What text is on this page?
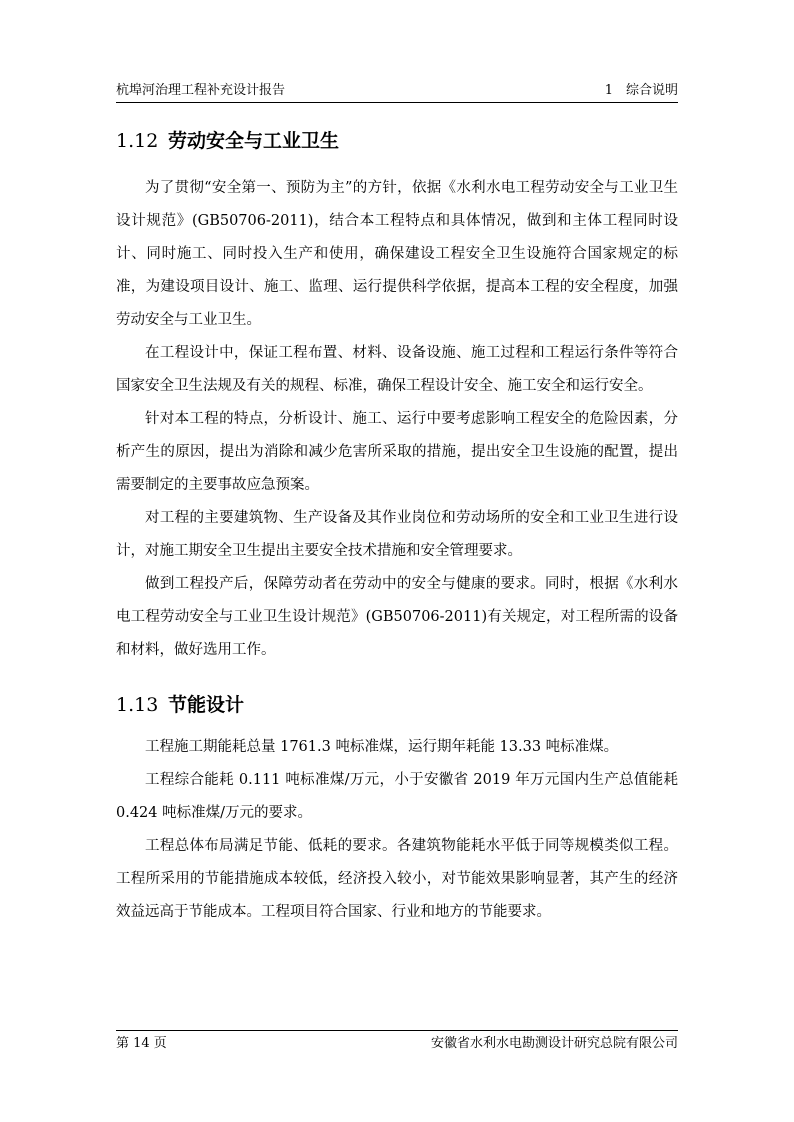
杭埠河治理工程补充设计报告	1　综合说明
1.12 劳动安全与工业卫生

为了贯彻“安全第一、预防为主”的方针，依据《水利水电工程劳动安全与工业卫生设计规范》(GB50706-2011)，结合本工程特点和具体情况，做到和主体工程同时设计、同时施工、同时投入生产和使用，确保建设工程安全卫生设施符合国家规定的标准，为建设项目设计、施工、监理、运行提供科学依据，提高本工程的安全程度，加强劳动安全与工业卫生。

在工程设计中，保证工程布置、材料、设备设施、施工过程和工程运行条件等符合国家安全卫生法规及有关的规程、标准，确保工程设计安全、施工安全和运行安全。

针对本工程的特点，分析设计、施工、运行中要考虑影响工程安全的危险因素，分析产生的原因，提出为消除和减少危害所采取的措施，提出安全卫生设施的配置，提出需要制定的主要事故应急预案。

对工程的主要建筑物、生产设备及其作业岗位和劳动场所的安全和工业卫生进行设计，对施工期安全卫生提出主要安全技术措施和安全管理要求。

做到工程投产后，保障劳动者在劳动中的安全与健康的要求。同时，根据《水利水电工程劳动安全与工业卫生设计规范》(GB50706-2011)有关规定，对工程所需的设备和材料，做好选用工作。

1.13 节能设计

工程施工期能耗总量 1761.3 吨标准煤，运行期年耗能 13.33 吨标准煤。

工程综合能耗 0.111 吨标准煤/万元，小于安徽省 2019 年万元国内生产总值能耗 0.424 吨标准煤/万元的要求。

工程总体布局满足节能、低耗的要求。各建筑物能耗水平低于同等规模类似工程。工程所采用的节能措施成本较低，经济投入较小，对节能效果影响显著，其产生的经济效益远高于节能成本。工程项目符合国家、行业和地方的节能要求。

第 14 页	安徽省水利水电勘测设计研究总院有限公司
